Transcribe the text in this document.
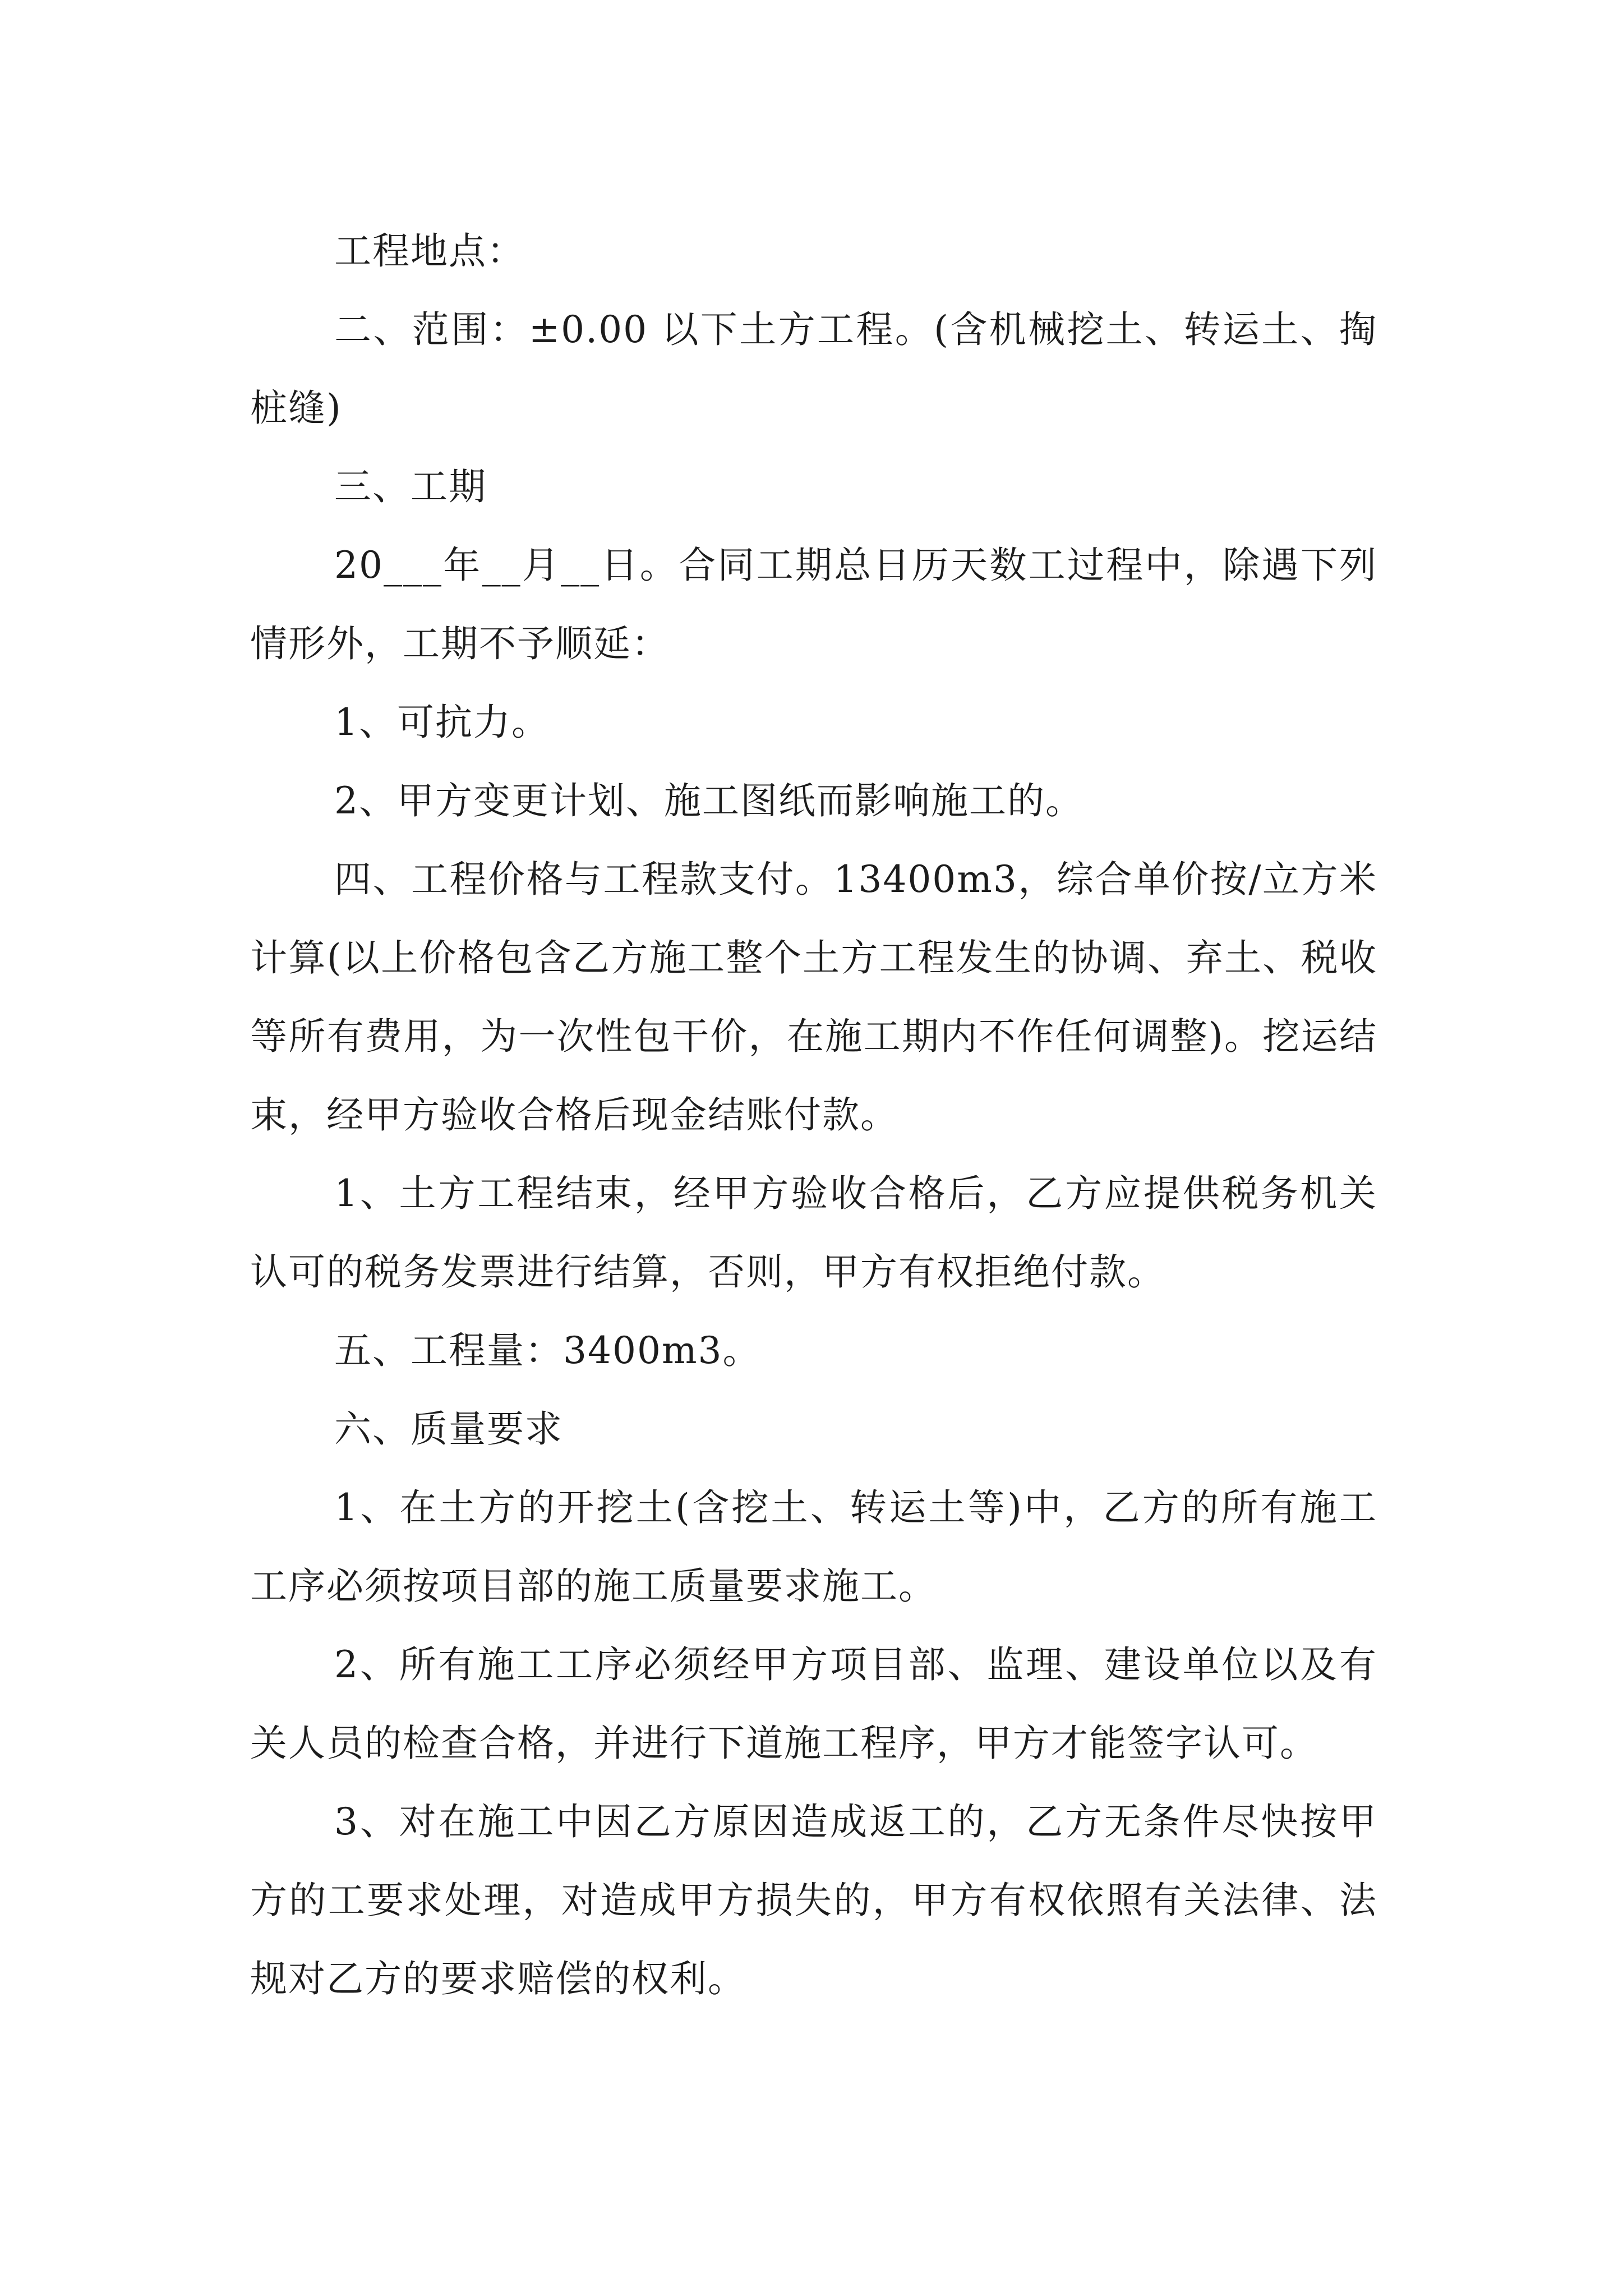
工程地点：

二、范围：±0.00 以下土方工程。(含机械挖土、转运土、掏桩缝)

三、工期

20___年__月__日。合同工期总日历天数工过程中，除遇下列情形外，工期不予顺延：

1、可抗力。

2、甲方变更计划、施工图纸而影响施工的。

四、工程价格与工程款支付。13400m3，综合单价按/立方米计算(以上价格包含乙方施工整个土方工程发生的协调、弃土、税收等所有费用，为一次性包干价，在施工期内不作任何调整)。挖运结束，经甲方验收合格后现金结账付款。

1、土方工程结束，经甲方验收合格后，乙方应提供税务机关认可的税务发票进行结算，否则，甲方有权拒绝付款。

五、工程量：3400m3。

六、质量要求

1、在土方的开挖土(含挖土、转运土等)中，乙方的所有施工工序必须按项目部的施工质量要求施工。

2、所有施工工序必须经甲方项目部、监理、建设单位以及有关人员的检查合格，并进行下道施工程序，甲方才能签字认可。

3、对在施工中因乙方原因造成返工的，乙方无条件尽快按甲方的工要求处理，对造成甲方损失的，甲方有权依照有关法律、法规对乙方的要求赔偿的权利。
